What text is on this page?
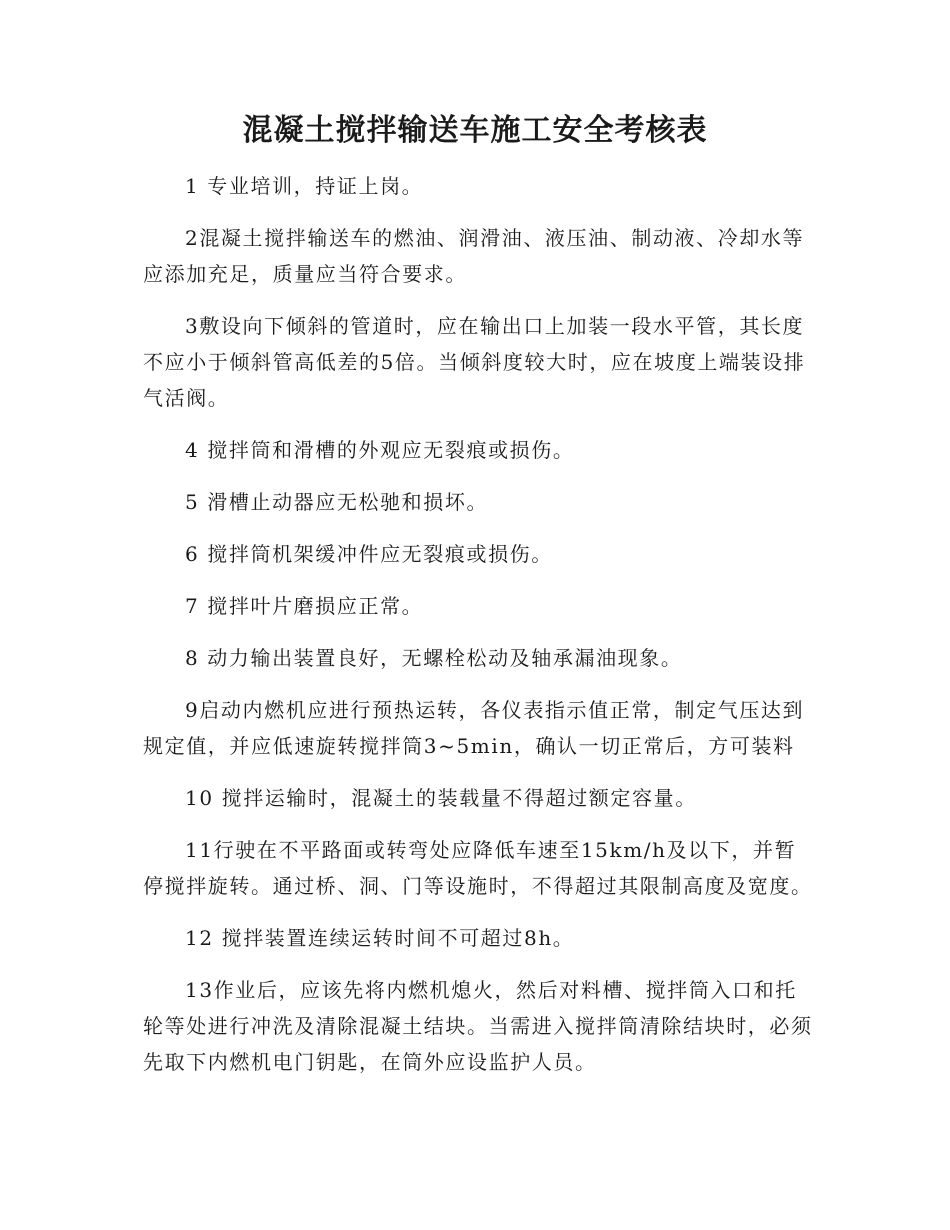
混凝土搅拌输送车施工安全考核表

1 专业培训，持证上岗。

2混凝土搅拌输送车的燃油、润滑油、液压油、制动液、冷却水等应添加充足，质量应当符合要求。

3敷设向下倾斜的管道时，应在输出口上加装一段水平管，其长度不应小于倾斜管高低差的5倍。当倾斜度较大时，应在坡度上端装设排气活阀。

4 搅拌筒和滑槽的外观应无裂痕或损伤。

5 滑槽止动器应无松驰和损坏。

6 搅拌筒机架缓冲件应无裂痕或损伤。

7 搅拌叶片磨损应正常。

8 动力输出装置良好，无螺栓松动及轴承漏油现象。

9启动内燃机应进行预热运转，各仪表指示值正常，制定气压达到规定值，并应低速旋转搅拌筒3~5min，确认一切正常后，方可装料

10 搅拌运输时，混凝土的装载量不得超过额定容量。

11行驶在不平路面或转弯处应降低车速至15km/h及以下，并暂停搅拌旋转。通过桥、洞、门等设施时，不得超过其限制高度及宽度。

12 搅拌装置连续运转时间不可超过8h。

13作业后，应该先将内燃机熄火，然后对料槽、搅拌筒入口和托轮等处进行冲洗及清除混凝土结块。当需进入搅拌筒清除结块时，必须先取下内燃机电门钥匙，在筒外应设监护人员。
